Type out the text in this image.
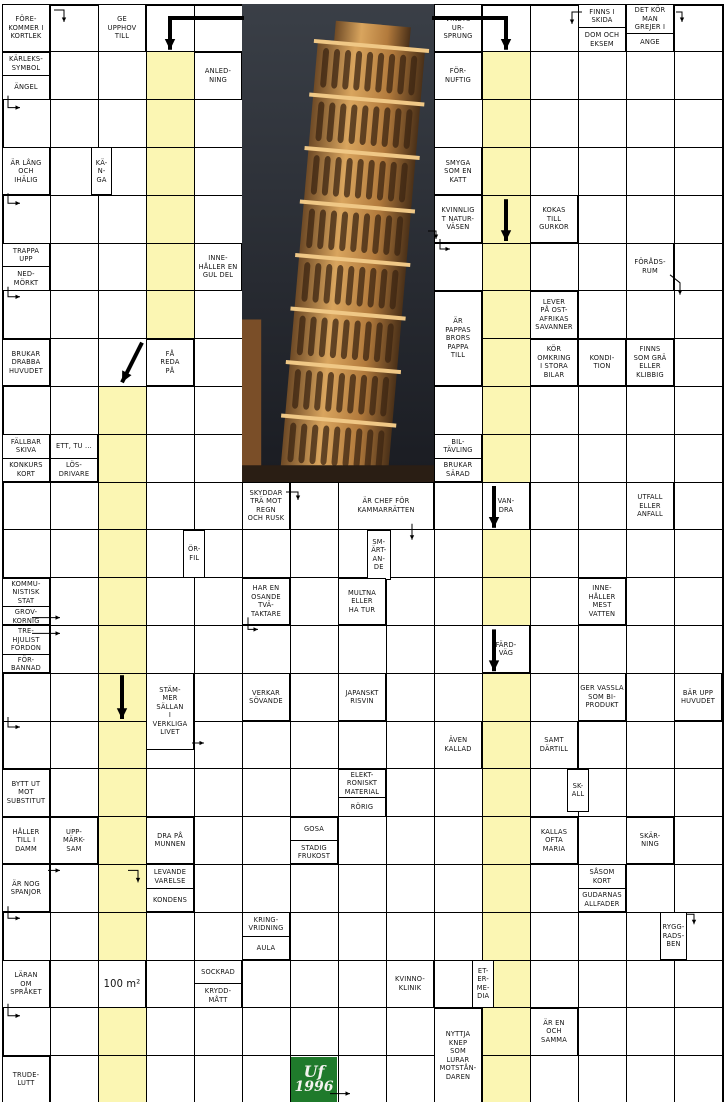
FÖRE-
KOMMER I
KORTLEK
GE
UPPHOV
TILL
KÄRLEKS-
SYMBOL
ÄNGEL
ANLED-
NING
VINETS
UR-
SPRUNG
FÖR-
NUFTIG
FINNS I
SKIDA
DOM OCH
EKSEM
DET KÖR
MAN
GREJER I
ANGE
ÄR LÅNG
OCH
IHÄLIG
KÄ-
N-
GA
SMYGA
SOM EN
KATT
KVINNLIG
T NATUR-
VÄSEN
KOKAS
TILL
GURKOR
TRAPPA
UPP
NED-
MÖRKT
INNE-
HÅLLER EN
GUL DEL
FÖRÅDS-
RUM
ÄR
PAPPAS
BRORS
PAPPA
TILL
LEVER
PÅ OST-
AFRIKAS
SAVANNER
BRUKAR
DRABBA
HUVUDET
FÅ
REDA
PÅ
KÖR
OMKRING
I STORA
BILAR
KONDI-
TION
FINNS
SOM GRÄ
ELLER
KLIBBIG
FÄLLBAR
SKIVA
KONKURS
KORT
ETT, TU ...
LÖS-
DRIVARE
BIL-
TÄVLING
BRUKAR
SÄRAD
SKYDDAR
TRÄ MOT
REGN
OCH RUSK
ÄR CHEF FÖR
KAMMARRÄTTEN
VAN-
DRA
UTFALL
ELLER
ANFALL
ÖR-
FIL
SM-
ÄRT-
AN-
DE
KOMMU-
NISTISK
STAT
GROV-
KORNIG

HAR EN
OSANDE
TVÄ-
TAKTARE
MULTNA
ELLER
HA TUR
INNE-
HÅLLER
MEST
VATTEN
TRE-
HJULIST
FORDON
FÖR-
BANNAD
FÄRD-
VÄG
STÄM-
MER
SÄLLAN
I
VERKLIGA
LIVET
VERKAR
SÖVANDE
JAPANSKT
RISVIN
GER VASSLA
SOM BI-
PRODUKT
BÄR UPP
HUVUDET
ÄVEN
KALLAD
SAMT
DÄRTILL
BYTT UT
MOT
SUBSTITUT
ELEKT-
RONISKT
MATERIAL
RÖRIG
SK-
ALL
HÅLLER
TILL I
DAMM
UPP-
MÄRK-
SAM
DRA PÅ
MUNNEN
GOSA
STADIG
FRUKOST
KALLAS
OFTA
MARIA
SKÄR-
NING
ÄR NOG
SPANJOR
LEVANDE
VARELSE
KONDENS
SÅSOM
KORT
GUDARNAS
ALLFADER
KRING-
VRIDNING
AULA
RYGG-
RADS-
BEN
LÄRAN
OM
SPRÅKET
100 m²
SOCKRAD
KRYDD-
MÅTT
KVINNO-
KLINIK
ET-
ER-
ME-
DIA
NYTTJA
KNEP
SOM
LURAR
MOTSTÅN-
DAREN
ÄR EN
OCH
SAMMA
TRUDE-
LUTT
Uf
1996
